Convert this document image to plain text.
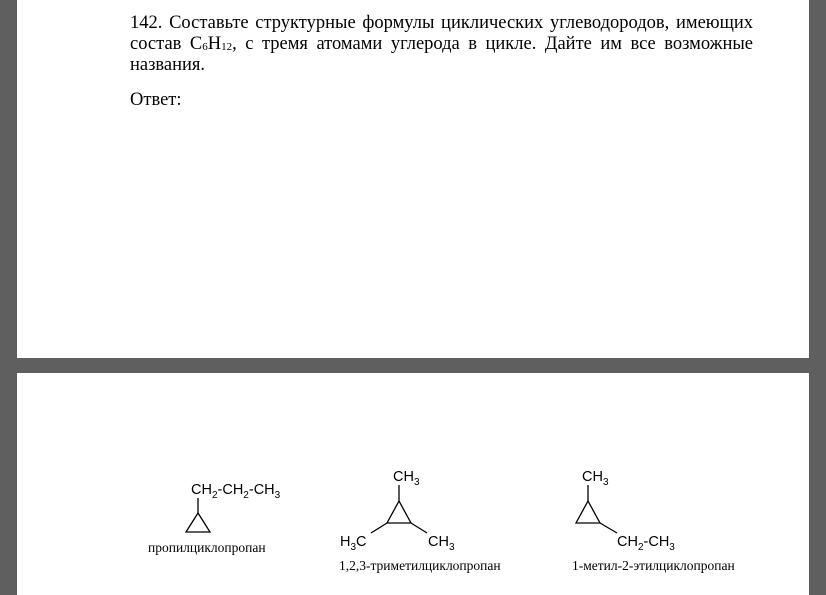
142. Составьте структурные формулы циклических углеводородов, имеющих состав $C_6H_{12}$, с тремя атомами углерода в цикле. Дайте им все возможные названия.

Ответ:

$CH_2-CH_2-CH_3$
$CH_3$
$H_3C$	$CH_3$
$CH_3$
$CH_2-CH_3$

пропилциклопропан

1,2,3-триметилциклопропан	1-метил-2-этилциклопропан
